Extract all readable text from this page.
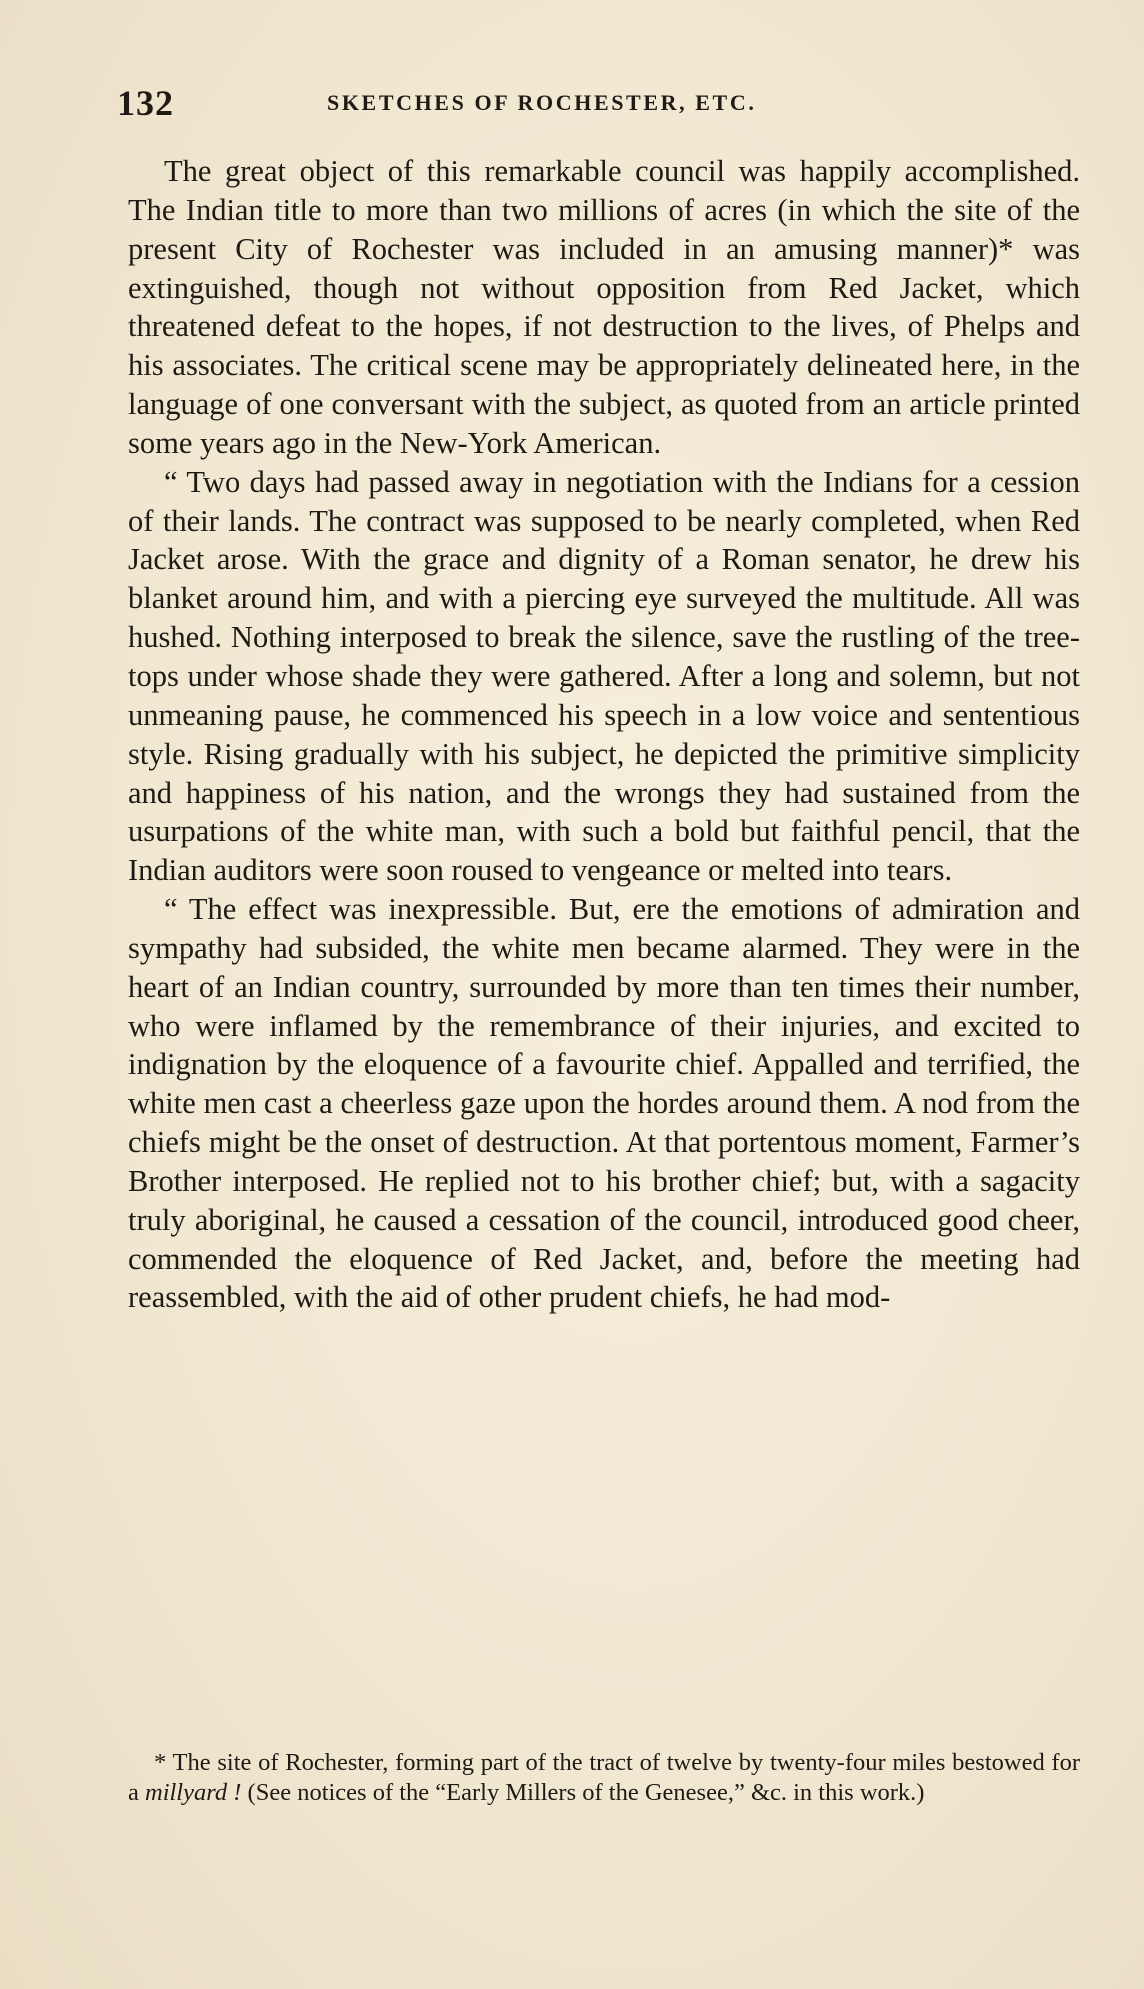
132	SKETCHES OF ROCHESTER, ETC.

The great object of this remarkable council was happily accomplished. The Indian title to more than two millions of acres (in which the site of the present City of Rochester was included in an amusing manner)* was extinguished, though not without opposition from Red Jacket, which threatened defeat to the hopes, if not destruction to the lives, of Phelps and his associates. The critical scene may be appropriately delineated here, in the language of one conversant with the subject, as quoted from an article printed some years ago in the New-York American.

“ Two days had passed away in negotiation with the Indians for a cession of their lands. The contract was supposed to be nearly completed, when Red Jacket arose. With the grace and dignity of a Roman senator, he drew his blanket around him, and with a piercing eye surveyed the multitude. All was hushed. Nothing interposed to break the silence, save the rustling of the tree-tops under whose shade they were gathered. After a long and solemn, but not unmeaning pause, he commenced his speech in a low voice and sententious style. Rising gradually with his subject, he depicted the primitive simplicity and happiness of his nation, and the wrongs they had sustained from the usurpations of the white man, with such a bold but faithful pencil, that the Indian auditors were soon roused to vengeance or melted into tears.

“ The effect was inexpressible. But, ere the emotions of admiration and sympathy had subsided, the white men became alarmed. They were in the heart of an Indian country, surrounded by more than ten times their number, who were inflamed by the remembrance of their injuries, and excited to indignation by the eloquence of a favourite chief. Appalled and terrified, the white men cast a cheerless gaze upon the hordes around them. A nod from the chiefs might be the onset of destruction. At that portentous moment, Farmer’s Brother interposed. He replied not to his brother chief; but, with a sagacity truly aboriginal, he caused a cessation of the council, introduced good cheer, commended the eloquence of Red Jacket, and, before the meeting had reassembled, with the aid of other prudent chiefs, he had mod-

* The site of Rochester, forming part of the tract of twelve by twenty-four miles bestowed for a millyard ! (See notices of the “Early Millers of the Genesee,” &c. in this work.)
